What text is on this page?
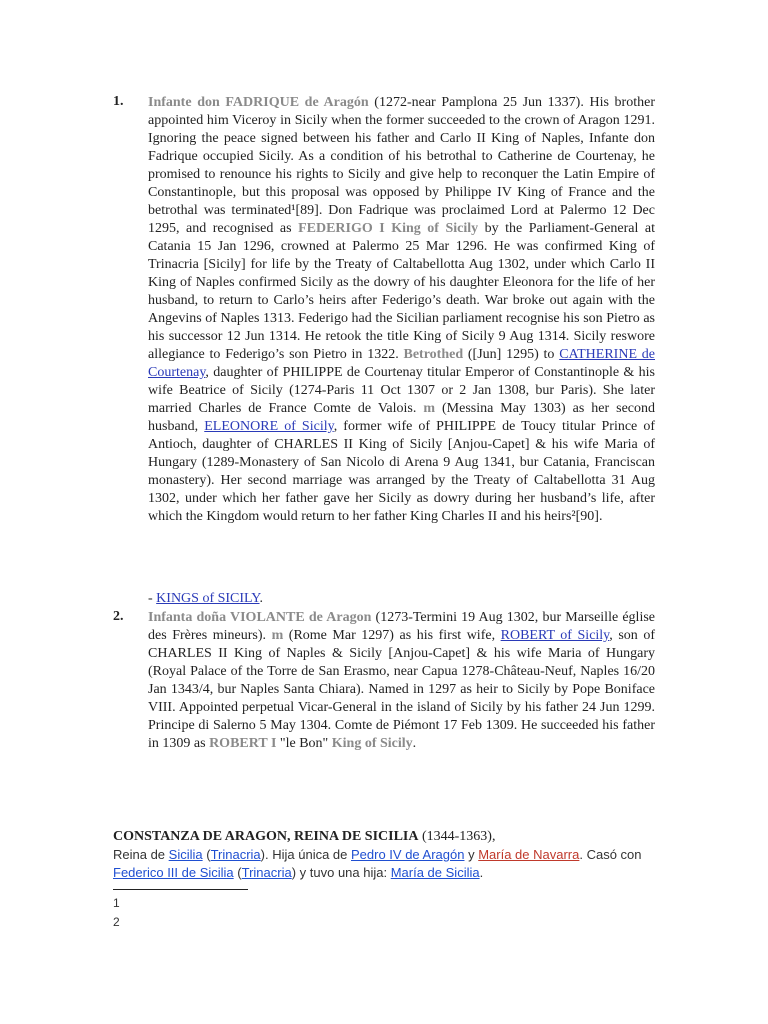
1. Infante don FADRIQUE de Aragón (1272-near Pamplona 25 Jun 1337). His brother appointed him Viceroy in Sicily when the former succeeded to the crown of Aragon 1291. Ignoring the peace signed between his father and Carlo II King of Naples, Infante don Fadrique occupied Sicily. As a condition of his betrothal to Catherine de Courtenay, he promised to renounce his rights to Sicily and give help to reconquer the Latin Empire of Constantinople, but this proposal was opposed by Philippe IV King of France and the betrothal was terminated¹[89]. Don Fadrique was proclaimed Lord at Palermo 12 Dec 1295, and recognised as FEDERIGO I King of Sicily by the Parliament-General at Catania 15 Jan 1296, crowned at Palermo 25 Mar 1296. He was confirmed King of Trinacria [Sicily] for life by the Treaty of Caltabellotta Aug 1302, under which Carlo II King of Naples confirmed Sicily as the dowry of his daughter Eleonora for the life of her husband, to return to Carlo’s heirs after Federigo’s death. War broke out again with the Angevins of Naples 1313. Federigo had the Sicilian parliament recognise his son Pietro as his successor 12 Jun 1314. He retook the title King of Sicily 9 Aug 1314. Sicily reswore allegiance to Federigo’s son Pietro in 1322. Betrothed ([Jun] 1295) to CATHERINE de Courtenay, daughter of PHILIPPE de Courtenay titular Emperor of Constantinople & his wife Beatrice of Sicily (1274-Paris 11 Oct 1307 or 2 Jan 1308, bur Paris). She later married Charles de France Comte de Valois. m (Messina May 1303) as her second husband, ELEONORE of Sicily, former wife of PHILIPPE de Toucy titular Prince of Antioch, daughter of CHARLES II King of Sicily [Anjou-Capet] & his wife Maria of Hungary (1289-Monastery of San Nicolo di Arena 9 Aug 1341, bur Catania, Franciscan monastery). Her second marriage was arranged by the Treaty of Caltabellotta 31 Aug 1302, under which her father gave her Sicily as dowry during her husband’s life, after which the Kingdom would return to her father King Charles II and his heirs²[90].
- KINGS of SICILY.
2. Infanta doña VIOLANTE de Aragon (1273-Termini 19 Aug 1302, bur Marseille église des Frères mineurs). m (Rome Mar 1297) as his first wife, ROBERT of Sicily, son of CHARLES II King of Naples & Sicily [Anjou-Capet] & his wife Maria of Hungary (Royal Palace of the Torre de San Erasmo, near Capua 1278-Château-Neuf, Naples 16/20 Jan 1343/4, bur Naples Santa Chiara). Named in 1297 as heir to Sicily by Pope Boniface VIII. Appointed perpetual Vicar-General in the island of Sicily by his father 24 Jun 1299. Principe di Salerno 5 May 1304. Comte de Piémont 17 Feb 1309. He succeeded his father in 1309 as ROBERT I "le Bon" King of Sicily.
CONSTANZA DE ARAGON, REINA DE SICILIA (1344-1363),
Reina de Sicilia (Trinacria). Hija única de Pedro IV de Aragón y María de Navarra. Casó con Federico III de Sicilia (Trinacria) y tuvo una hija: María de Sicilia.
1
2
